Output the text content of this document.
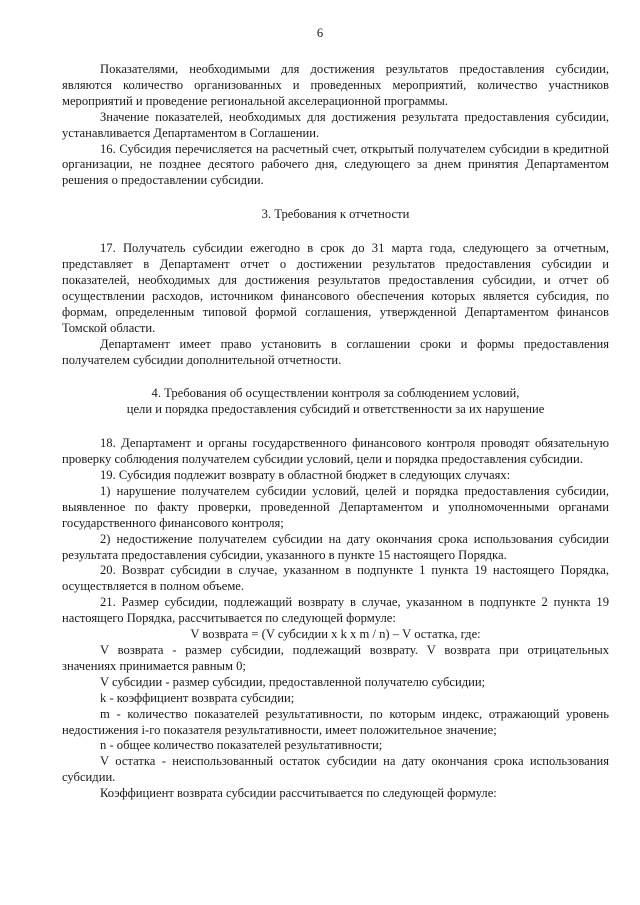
6

Показателями, необходимыми для достижения результатов предоставления субсидии, являются количество организованных и проведенных мероприятий, количество участников мероприятий и проведение региональной акселерационной программы.

Значение показателей, необходимых для достижения результата предоставления субсидии, устанавливается Департаментом в Соглашении.

16. Субсидия перечисляется на расчетный счет, открытый получателем субсидии в кредитной организации, не позднее десятого рабочего дня, следующего за днем принятия Департаментом решения о предоставлении субсидии.

3. Требования к отчетности

17. Получатель субсидии ежегодно в срок до 31 марта года, следующего за отчетным, представляет в Департамент отчет о достижении результатов предоставления субсидии и показателей, необходимых для достижения результатов предоставления субсидии, и отчет об осуществлении расходов, источником финансового обеспечения которых является субсидия, по формам, определенным типовой формой соглашения, утвержденной Департаментом финансов Томской области.

Департамент имеет право установить в соглашении сроки и формы предоставления получателем субсидии дополнительной отчетности.

4. Требования об осуществлении контроля за соблюдением условий,

цели и порядка предоставления субсидий и ответственности за их нарушение

18. Департамент и органы государственного финансового контроля проводят обязательную проверку соблюдения получателем субсидии условий, цели и порядка предоставления субсидии.

19. Субсидия подлежит возврату в областной бюджет в следующих случаях:

1) нарушение получателем субсидии условий, целей и порядка предоставления субсидии, выявленное по факту проверки, проведенной Департаментом и уполномоченными органами государственного финансового контроля;

2) недостижение получателем субсидии на дату окончания срока использования субсидии результата предоставления субсидии, указанного в пункте 15 настоящего Порядка.

20. Возврат субсидии в случае, указанном в подпункте 1 пункта 19 настоящего Порядка, осуществляется в полном объеме.

21. Размер субсидии, подлежащий возврату в случае, указанном в подпункте 2 пункта 19 настоящего Порядка, рассчитывается по следующей формуле:

V возврата = (V субсидии x k x m / n) – V остатка, где:

V возврата - размер субсидии, подлежащий возврату. V возврата при отрицательных значениях принимается равным 0;

V субсидии - размер субсидии, предоставленной получателю субсидии;

k - коэффициент возврата субсидии;

m - количество показателей результативности, по которым индекс, отражающий уровень недостижения i-го показателя результативности, имеет положительное значение;

n - общее количество показателей результативности;

V остатка - неиспользованный остаток субсидии на дату окончания срока использования субсидии.

Коэффициент возврата субсидии рассчитывается по следующей формуле:
